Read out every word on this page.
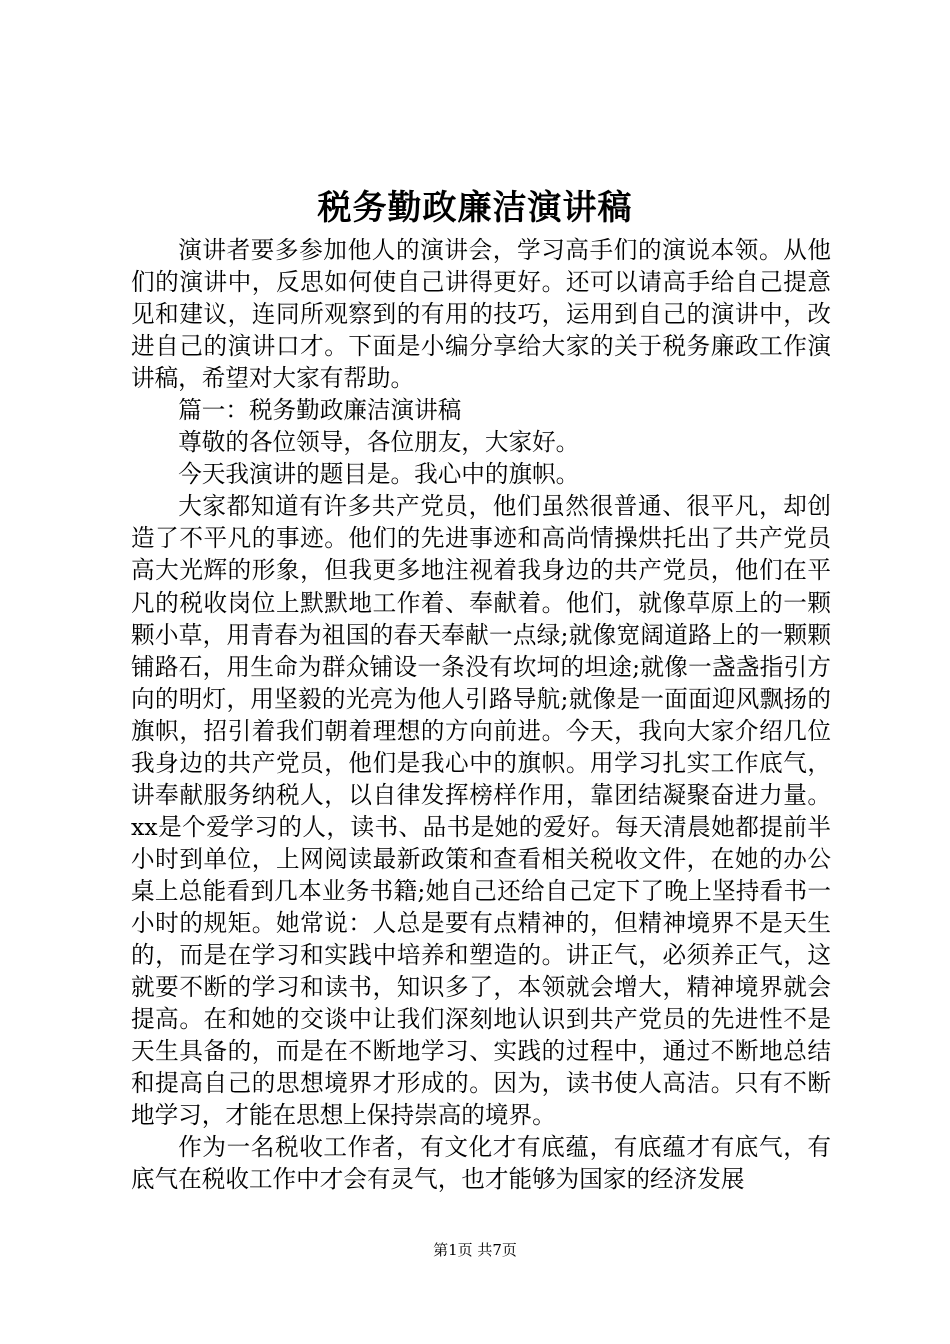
税务勤政廉洁演讲稿

演讲者要多参加他人的演讲会，学习高手们的演说本领。从他们的演讲中，反思如何使自己讲得更好。还可以请高手给自己提意见和建议，连同所观察到的有用的技巧，运用到自己的演讲中，改进自己的演讲口才。下面是小编分享给大家的关于税务廉政工作演讲稿，希望对大家有帮助。

篇一：税务勤政廉洁演讲稿

尊敬的各位领导，各位朋友，大家好。

今天我演讲的题目是。我心中的旗帜。

大家都知道有许多共产党员，他们虽然很普通、很平凡，却创造了不平凡的事迹。他们的先进事迹和高尚情操烘托出了共产党员高大光辉的形象，但我更多地注视着我身边的共产党员，他们在平凡的税收岗位上默默地工作着、奉献着。他们，就像草原上的一颗颗小草，用青春为祖国的春天奉献一点绿;就像宽阔道路上的一颗颗铺路石，用生命为群众铺设一条没有坎坷的坦途;就像一盏盏指引方向的明灯，用坚毅的光亮为他人引路导航;就像是一面面迎风飘扬的旗帜，招引着我们朝着理想的方向前进。今天，我向大家介绍几位我身边的共产党员，他们是我心中的旗帜。用学习扎实工作底气，讲奉献服务纳税人，以自律发挥榜样作用，靠团结凝聚奋进力量。xx是个爱学习的人，读书、品书是她的爱好。每天清晨她都提前半小时到单位，上网阅读最新政策和查看相关税收文件，在她的办公桌上总能看到几本业务书籍;她自己还给自己定下了晚上坚持看书一小时的规矩。她常说：人总是要有点精神的，但精神境界不是天生的，而是在学习和实践中培养和塑造的。讲正气，必须养正气，这就要不断的学习和读书，知识多了，本领就会增大，精神境界就会提高。在和她的交谈中让我们深刻地认识到共产党员的先进性不是天生具备的，而是在不断地学习、实践的过程中，通过不断地总结和提高自己的思想境界才形成的。因为，读书使人高洁。只有不断地学习，才能在思想上保持崇高的境界。

作为一名税收工作者，有文化才有底蕴，有底蕴才有底气，有底气在税收工作中才会有灵气，也才能够为国家的经济发展

第1页 共7页
